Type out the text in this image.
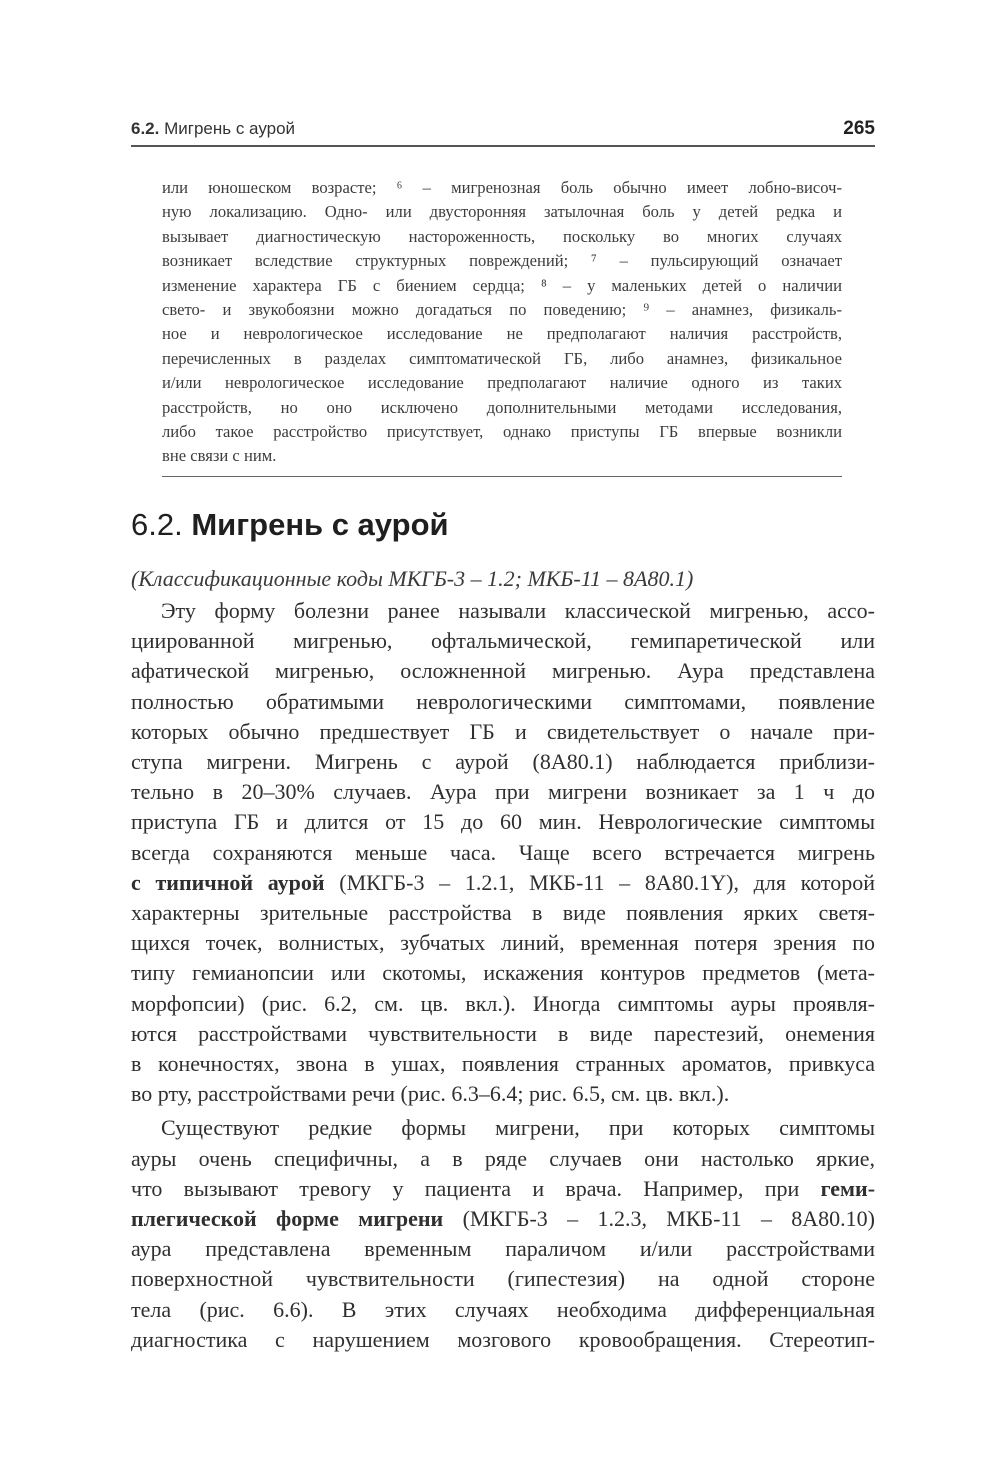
6.2. Мигрень с аурой	265
или юношеском возрасте; ⁶ – мигренозная боль обычно имеет лобно-височ-
ную локализацию. Одно- или двусторонняя затылочная боль у детей редка и
вызывает диагностическую настороженность, поскольку во многих случаях
возникает вследствие структурных повреждений; ⁷ – пульсирующий означает
изменение характера ГБ с биением сердца; ⁸ – у маленьких детей о наличии
свето- и звукобоязни можно догадаться по поведению; ⁹ – анамнез, физикаль-
ное и неврологическое исследование не предполагают наличия расстройств,
перечисленных в разделах симптоматической ГБ, либо анамнез, физикальное
и/или неврологическое исследование предполагают наличие одного из таких
расстройств, но оно исключено дополнительными методами исследования,
либо такое расстройство присутствует, однако приступы ГБ впервые возникли
вне связи с ним.
6.2. Мигрень с аурой
(Классификационные коды МКГБ-3 – 1.2; МКБ-11 – 8A80.1)
Эту форму болезни ранее называли классической мигренью, ассо-
циированной мигренью, офтальмической, гемипаретической или
афатической мигренью, осложненной мигренью. Аура представлена
полностью обратимыми неврологическими симптомами, появление
которых обычно предшествует ГБ и свидетельствует о начале при-
ступа мигрени. Мигрень с аурой (8A80.1) наблюдается приблизи-
тельно в 20–30% случаев. Аура при мигрени возникает за 1 ч до
приступа ГБ и длится от 15 до 60 мин. Неврологические симптомы
всегда сохраняются меньше часа. Чаще всего встречается мигрень
с типичной аурой (МКГБ-3 – 1.2.1, МКБ-11 – 8A80.1Y), для которой
характерны зрительные расстройства в виде появления ярких светя-
щихся точек, волнистых, зубчатых линий, временная потеря зрения по
типу гемианопсии или скотомы, искажения контуров предметов (мета-
морфопсии) (рис. 6.2, см. цв. вкл.). Иногда симптомы ауры проявля-
ются расстройствами чувствительности в виде парестезий, онемения
в конечностях, звона в ушах, появления странных ароматов, привкуса
во рту, расстройствами речи (рис. 6.3–6.4; рис. 6.5, см. цв. вкл.).
Существуют редкие формы мигрени, при которых симптомы
ауры очень специфичны, а в ряде случаев они настолько яркие,
что вызывают тревогу у пациента и врача. Например, при геми-
плегической форме мигрени (МКГБ-3 – 1.2.3, МКБ-11 – 8A80.10)
аура представлена временным параличом и/или расстройствами
поверхностной чувствительности (гипестезия) на одной стороне
тела (рис. 6.6). В этих случаях необходима дифференциальная
диагностика с нарушением мозгового кровообращения. Стереотип-
